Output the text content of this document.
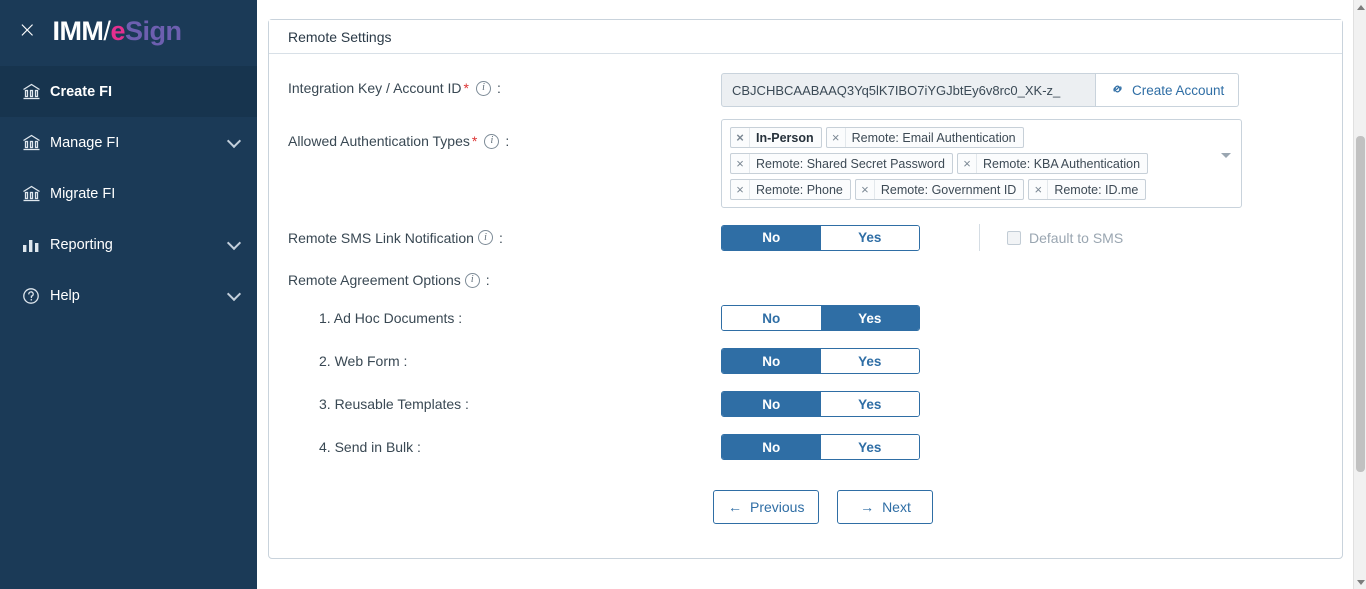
× IMM/eSign
Create FI
Manage FI
Migrate FI
Reporting
Help
Remote Settings
Integration Key / Account ID *	i :
CBJCHBCAABAAQ3Yq5lK7IBO7iYGJbtEy6v8rc0_XK-z_	Create Account
Allowed Authentication Types *	i :	× In-Person	× Remote: Email Authentication
× Remote: Shared Secret Password	× Remote: KBA Authentication
× Remote: Phone	× Remote: Government ID	× Remote: ID.me
Remote SMS Link Notification	i :	No	Yes	Default to SMS
Remote Agreement Options	i :
1. Ad Hoc Documents :	No	Yes
2. Web Form :	No	Yes
3. Reusable Templates :	No	Yes
4. Send in Bulk :	No	Yes
← Previous	→ Next
